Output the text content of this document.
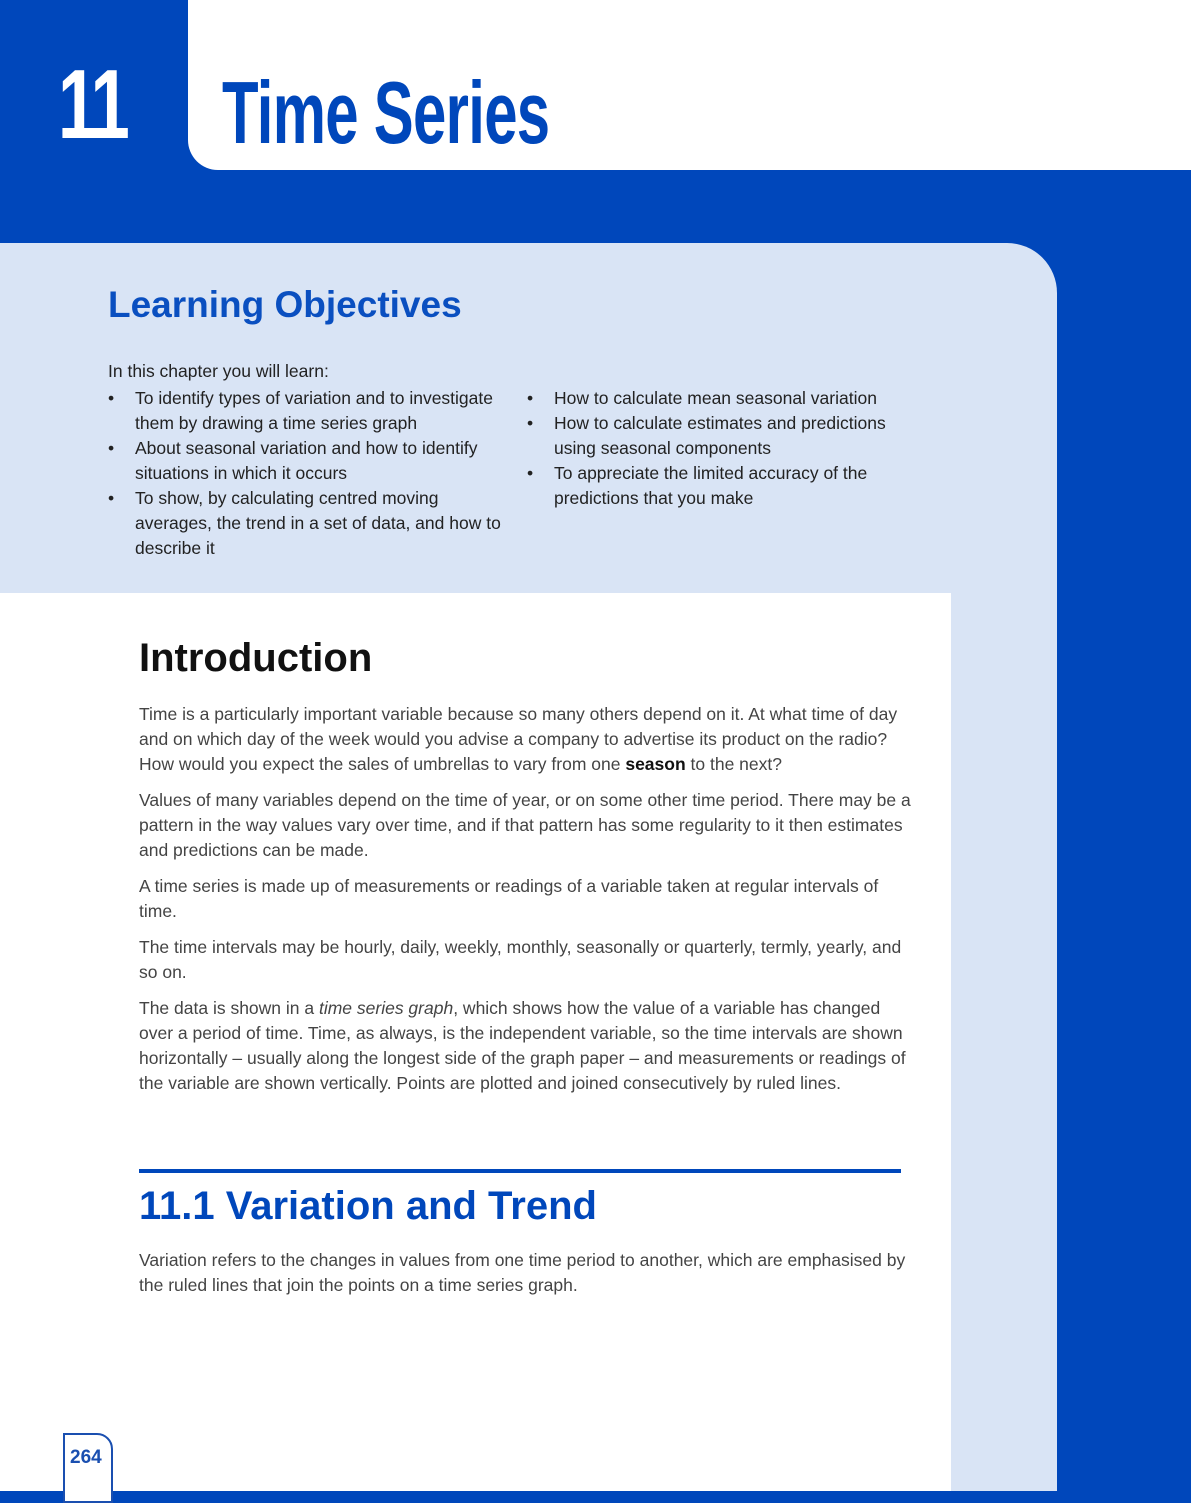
11 Time Series
Learning Objectives
In this chapter you will learn:
• To identify types of variation and to investigate them by drawing a time series graph
• About seasonal variation and how to identify situations in which it occurs
• To show, by calculating centred moving averages, the trend in a set of data, and how to describe it
• How to calculate mean seasonal variation
• How to calculate estimates and predictions using seasonal components
• To appreciate the limited accuracy of the predictions that you make
Introduction

Time is a particularly important variable because so many others depend on it. At what time of day and on which day of the week would you advise a company to advertise its product on the radio? How would you expect the sales of umbrellas to vary from one season to the next?

Values of many variables depend on the time of year, or on some other time period. There may be a pattern in the way values vary over time, and if that pattern has some regularity to it then estimates and predictions can be made.

A time series is made up of measurements or readings of a variable taken at regular intervals of time.

The time intervals may be hourly, daily, weekly, monthly, seasonally or quarterly, termly, yearly, and so on.

The data is shown in a time series graph, which shows how the value of a variable has changed over a period of time. Time, as always, is the independent variable, so the time intervals are shown horizontally – usually along the longest side of the graph paper – and measurements or readings of the variable are shown vertically. Points are plotted and joined consecutively by ruled lines.

11.1 Variation and Trend

Variation refers to the changes in values from one time period to another, which are emphasised by the ruled lines that join the points on a time series graph.

264
